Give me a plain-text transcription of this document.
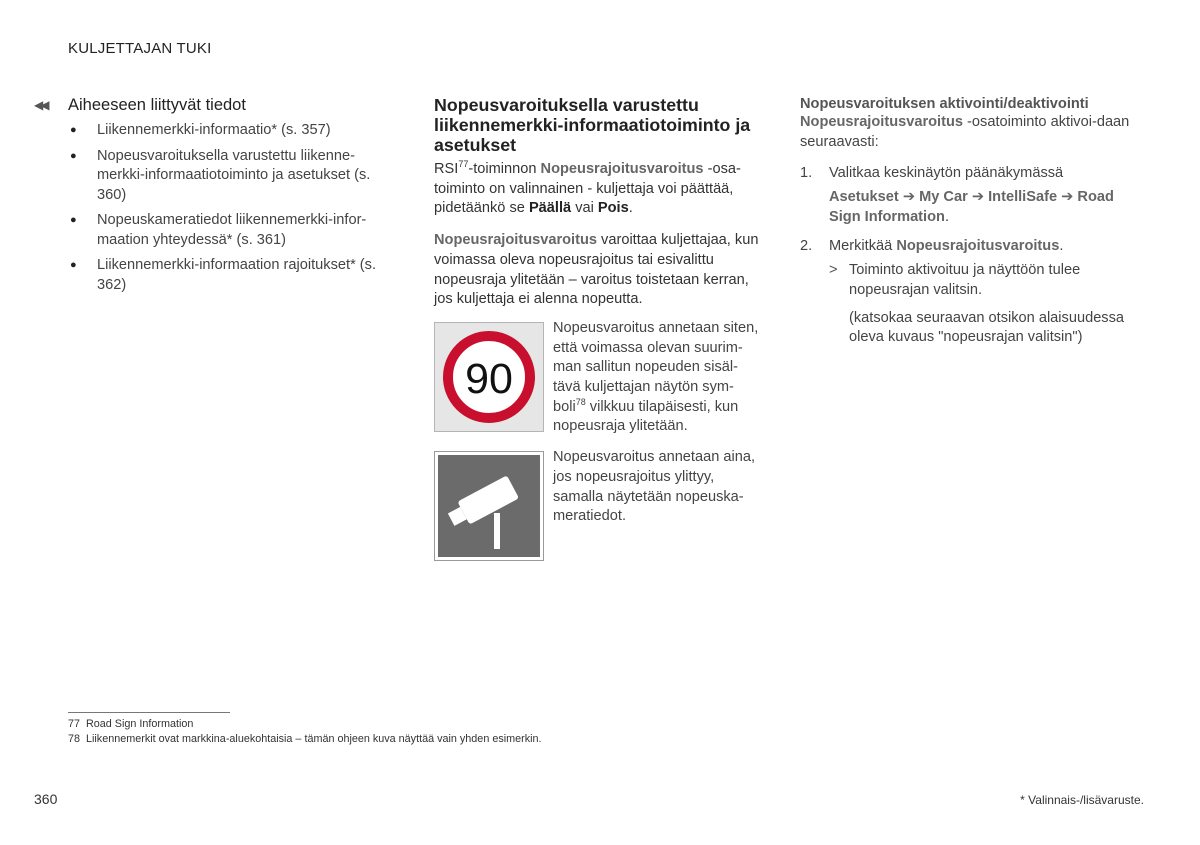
KULJETTAJAN TUKI
◀◀ Aiheeseen liittyvät tiedot
● Liikennemerkki-informaatio* (s. 357)
● Nopeusvaroituksella varustettu liikenne-merkki-informaatiotoiminto ja asetukset (s. 360)
● Nopeuskameratiedot liikennemerkki-infor-maation yhteydessä* (s. 361)
● Liikennemerkki-informaation rajoitukset* (s. 362)
Nopeusvaroituksella varustettu liikennemerkki-informaatiotoiminto ja asetukset

RSI$^{77}$-toiminnon Nopeusrajoitusvaroitus -osa-toiminto on valinnainen - kuljettaja voi päättää, pidetäänkö se Päällä vai Pois.

Nopeusrajoitusvaroitus varoittaa kuljettajaa, kun voimassa oleva nopeusrajoitus tai esivalittu nopeusraja ylitetään – varoitus toistetaan kerran, jos kuljettaja ei alenna nopeutta.

90
Nopeusvaroitus annetaan siten, että voimassa olevan suurim-man sallitun nopeuden sisäl-tävä kuljettajan näytön sym-boli$^{78}$ vilkkuu tilapäisesti, kun nopeusraja ylitetään.
Nopeusvaroitus annetaan aina, jos nopeusrajoitus ylittyy, samalla näytetään nopeuska-meratiedot.
Nopeusvaroituksen aktivointi/deaktivointi

Nopeusrajoitusvaroitus -osatoiminto aktivoi-daan seuraavasti:

1. Valitkaa keskinäytön päänäkymässä
Asetukset ➔ My Car ➔ IntelliSafe ➔ Road Sign Information.
2. Merkitkää Nopeusrajoitusvaroitus.
> Toiminto aktivoituu ja näyttöön tulee nopeusrajan valitsin.
(katsokaa seuraavan otsikon alaisuudessa oleva kuvaus "nopeusrajan valitsin")
77 Road Sign Information
78 Liikennemerkit ovat markkina-aluekohtaisia – tämän ohjeen kuva näyttää vain yhden esimerkin.
360	* Valinnais-/lisävaruste.
